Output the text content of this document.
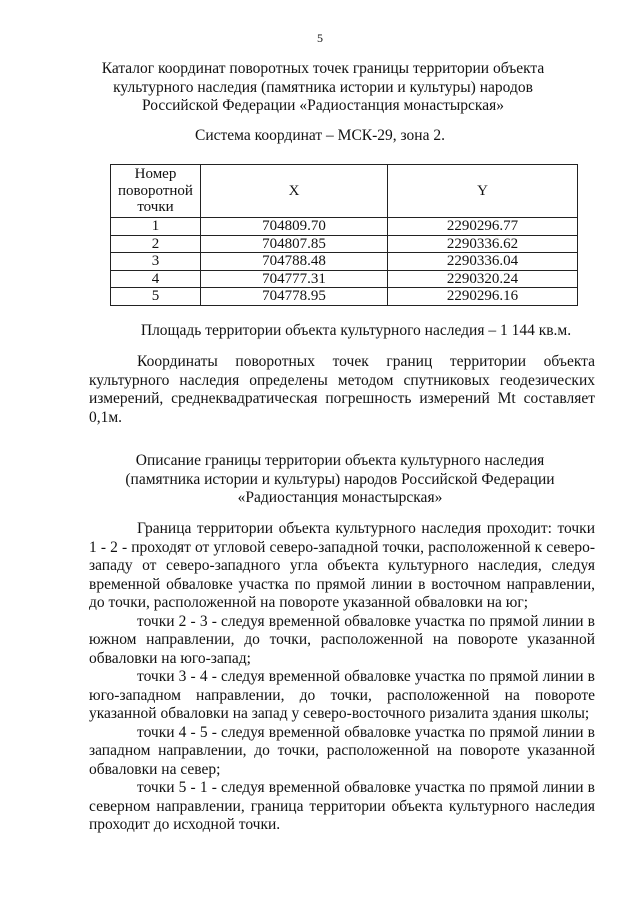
5
Каталог координат поворотных точек границы территории объекта культурного наследия (памятника истории и культуры) народов Российской Федерации «Радиостанция монастырская»
Система координат – МСК-29, зона 2.
Номер поворотной точки	X	Y
1	704809.70	2290296.77
2	704807.85	2290336.62
3	704788.48	2290336.04
4	704777.31	2290320.24
5	704778.95	2290296.16
Площадь территории объекта культурного наследия – 1 144 кв.м.

Координаты поворотных точек границ территории объекта культурного наследия определены методом спутниковых геодезических измерений, среднеквадратическая погрешность измерений Mt составляет 0,1м.

Описание границы территории объекта культурного наследия (памятника истории и культуры) народов Российской Федерации «Радиостанция монастырская»

Граница территории объекта культурного наследия проходит: точки 1 - 2 - проходят от угловой северо-западной точки, расположенной к северо-западу от северо-западного угла объекта культурного наследия, следуя временной обваловке участка по прямой линии в восточном направлении, до точки, расположенной на повороте указанной обваловки на юг;

точки 2 - 3 - следуя временной обваловке участка по прямой линии в южном направлении, до точки, расположенной на повороте указанной обваловки на юго-запад;

точки 3 - 4 - следуя временной обваловке участка по прямой линии в юго-западном направлении, до точки, расположенной на повороте указанной обваловки на запад у северо-восточного ризалита здания школы;

точки 4 - 5 - следуя временной обваловке участка по прямой линии в западном направлении, до точки, расположенной на повороте указанной обваловки на север;

точки 5 - 1 - следуя временной обваловке участка по прямой линии в северном направлении, граница территории объекта культурного наследия проходит до исходной точки.
